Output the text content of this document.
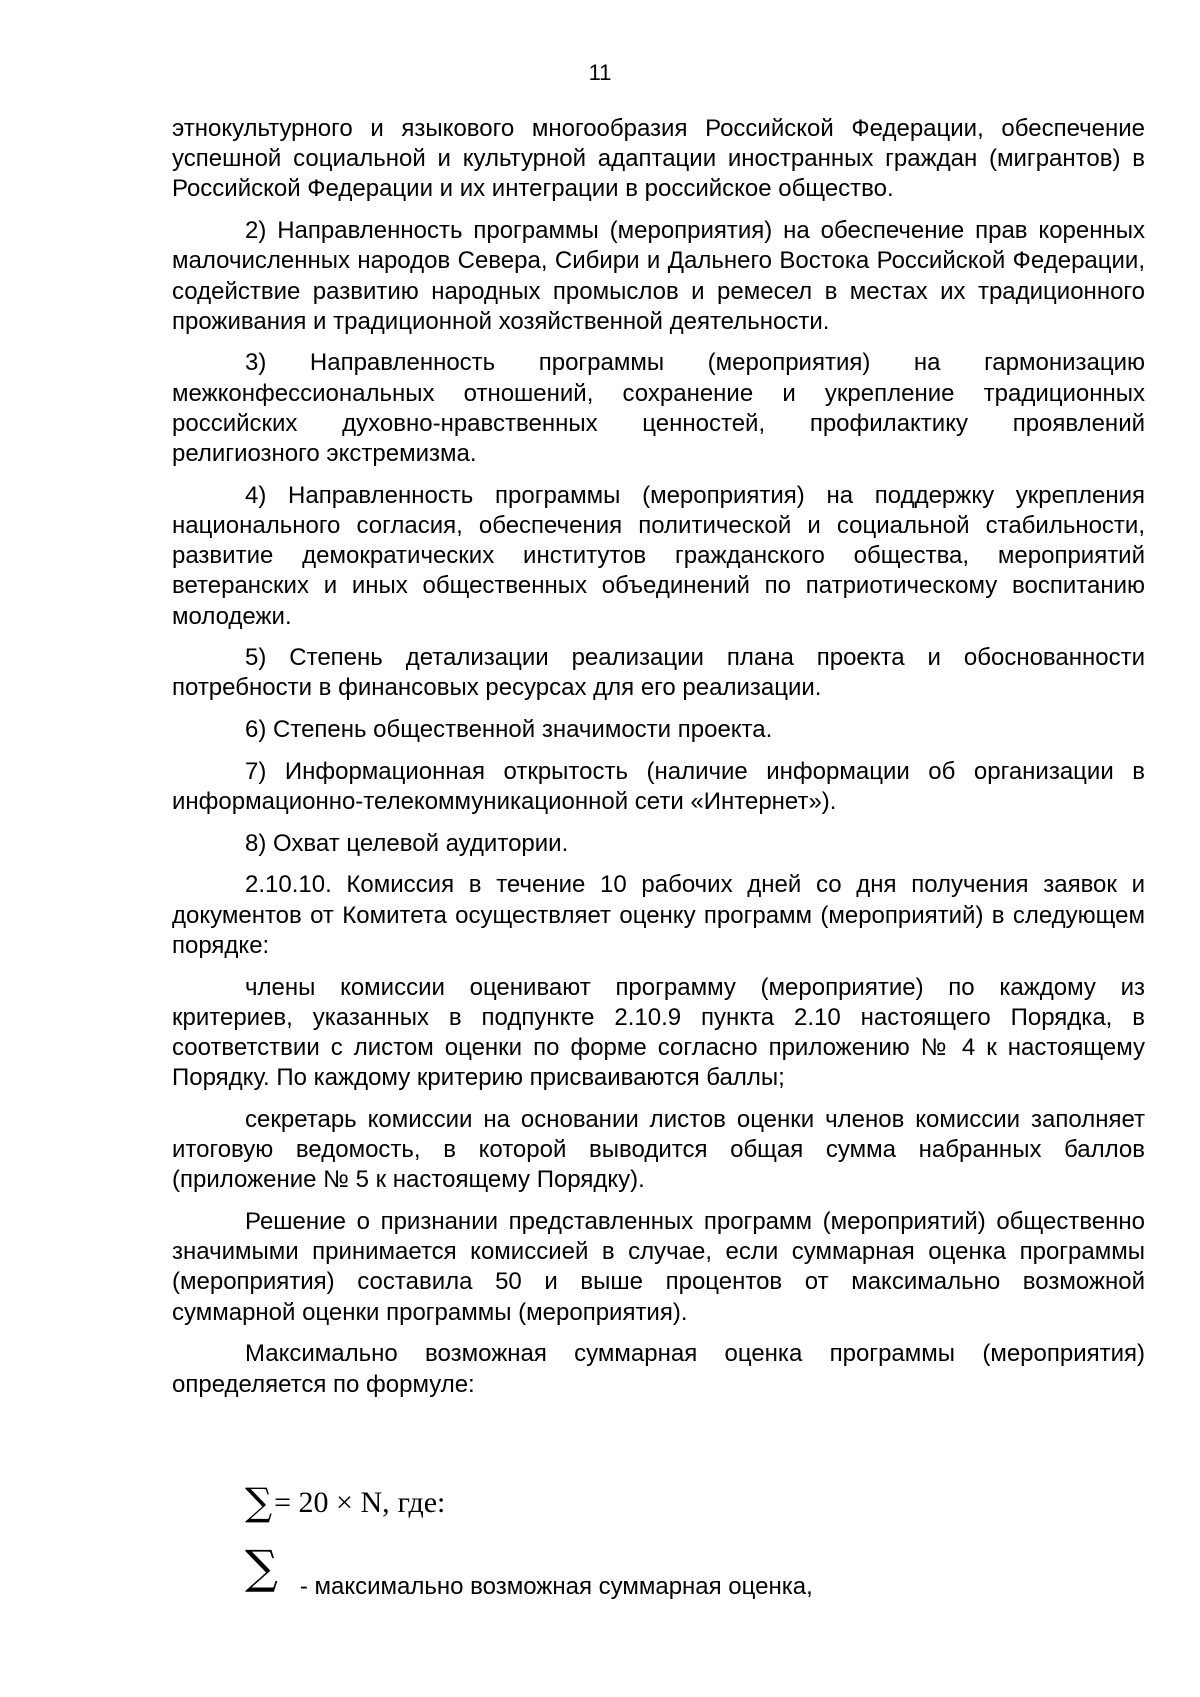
11

этнокультурного и языкового многообразия Российской Федерации, обеспечение успешной социальной и культурной адаптации иностранных граждан (мигрантов) в Российской Федерации и их интеграции в российское общество.

2) Направленность программы (мероприятия) на обеспечение прав коренных малочисленных народов Севера, Сибири и Дальнего Востока Российской Федерации, содействие развитию народных промыслов и ремесел в местах их традиционного проживания и традиционной хозяйственной деятельности.

3) Направленность программы (мероприятия) на гармонизацию межконфессиональных отношений, сохранение и укрепление традиционных российских духовно-нравственных ценностей, профилактику проявлений религиозного экстремизма.

4) Направленность программы (мероприятия) на поддержку укрепления национального согласия, обеспечения политической и социальной стабильности, развитие демократических институтов гражданского общества, мероприятий ветеранских и иных общественных объединений по патриотическому воспитанию молодежи.

5) Степень детализации реализации плана проекта и обоснованности потребности в финансовых ресурсах для его реализации.

6) Степень общественной значимости проекта.

7) Информационная открытость (наличие информации об организации в информационно-телекоммуникационной сети «Интернет»).

8) Охват целевой аудитории.

2.10.10. Комиссия в течение 10 рабочих дней со дня получения заявок и документов от Комитета осуществляет оценку программ (мероприятий) в следующем порядке:

члены комиссии оценивают программу (мероприятие) по каждому из критериев, указанных в подпункте 2.10.9 пункта 2.10 настоящего Порядка, в соответствии с листом оценки по форме согласно приложению № 4 к настоящему Порядку. По каждому критерию присваиваются баллы;

секретарь комиссии на основании листов оценки членов комиссии заполняет итоговую ведомость, в которой выводится общая сумма набранных баллов (приложение № 5 к настоящему Порядку).

Решение о признании представленных программ (мероприятий) общественно значимыми принимается комиссией в случае, если суммарная оценка программы (мероприятия) составила 50 и выше процентов от максимально возможной суммарной оценки программы (мероприятия).

Максимально возможная суммарная оценка программы (мероприятия) определяется по формуле:

∑= 20 × N, где:
∑ - максимально возможная суммарная оценка,
